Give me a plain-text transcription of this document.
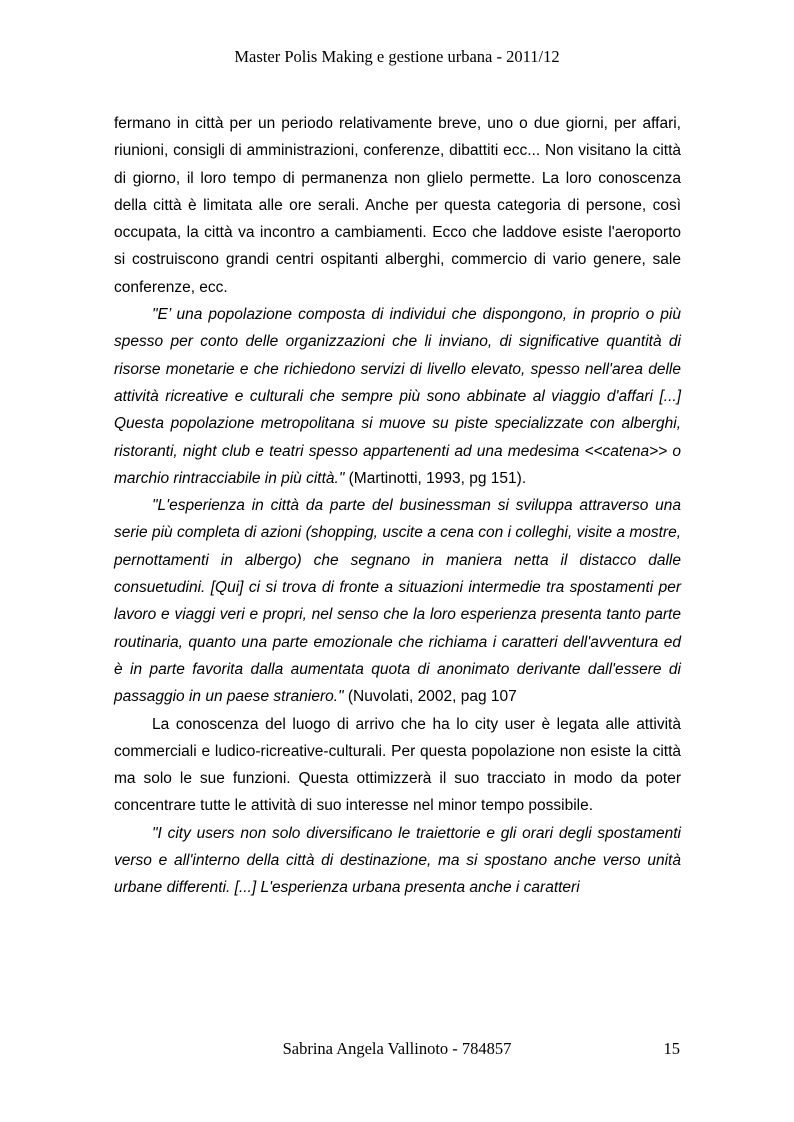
Master Polis Making e gestione urbana - 2011/12

fermano in città per un periodo relativamente breve, uno o due giorni, per affari, riunioni, consigli di amministrazioni, conferenze, dibattiti ecc... Non visitano la città di giorno, il loro tempo di permanenza non glielo permette. La loro conoscenza della città è limitata alle ore serali. Anche per questa categoria di persone, così occupata, la città va incontro a cambiamenti. Ecco che laddove esiste l'aeroporto si costruiscono grandi centri ospitanti alberghi, commercio di vario genere, sale conferenze, ecc.

"E’ una popolazione composta di individui che dispongono, in proprio o più spesso per conto delle organizzazioni che li inviano, di significative quantità di risorse monetarie e che richiedono servizi di livello elevato, spesso nell'area delle attività ricreative e culturali che sempre più sono abbinate al viaggio d'affari [...] Questa popolazione metropolitana si muove su piste specializzate con alberghi, ristoranti, night club e teatri spesso appartenenti ad una medesima <<catena>> o marchio rintracciabile in più città." (Martinotti, 1993, pg 151).

"L'esperienza in città da parte del businessman si sviluppa attraverso una serie più completa di azioni (shopping, uscite a cena con i colleghi, visite a mostre, pernottamenti in albergo) che segnano in maniera netta il distacco dalle consuetudini. [Qui] ci si trova di fronte a situazioni intermedie tra spostamenti per lavoro e viaggi veri e propri, nel senso che la loro esperienza presenta tanto parte routinaria, quanto una parte emozionale che richiama i caratteri dell'avventura ed è in parte favorita dalla aumentata quota di anonimato derivante dall'essere di passaggio in un paese straniero." (Nuvolati, 2002, pag 107

La conoscenza del luogo di arrivo che ha lo city user è legata alle attività commerciali e ludico-ricreative-culturali. Per questa popolazione non esiste la città ma solo le sue funzioni. Questa ottimizzerà il suo tracciato in modo da poter concentrare tutte le attività di suo interesse nel minor tempo possibile.

"I city users non solo diversificano le traiettorie e gli orari degli spostamenti verso e all'interno della città di destinazione, ma si spostano anche verso unità urbane differenti. [...] L'esperienza urbana presenta anche i caratteri

Sabrina Angela Vallinoto - 784857	15
